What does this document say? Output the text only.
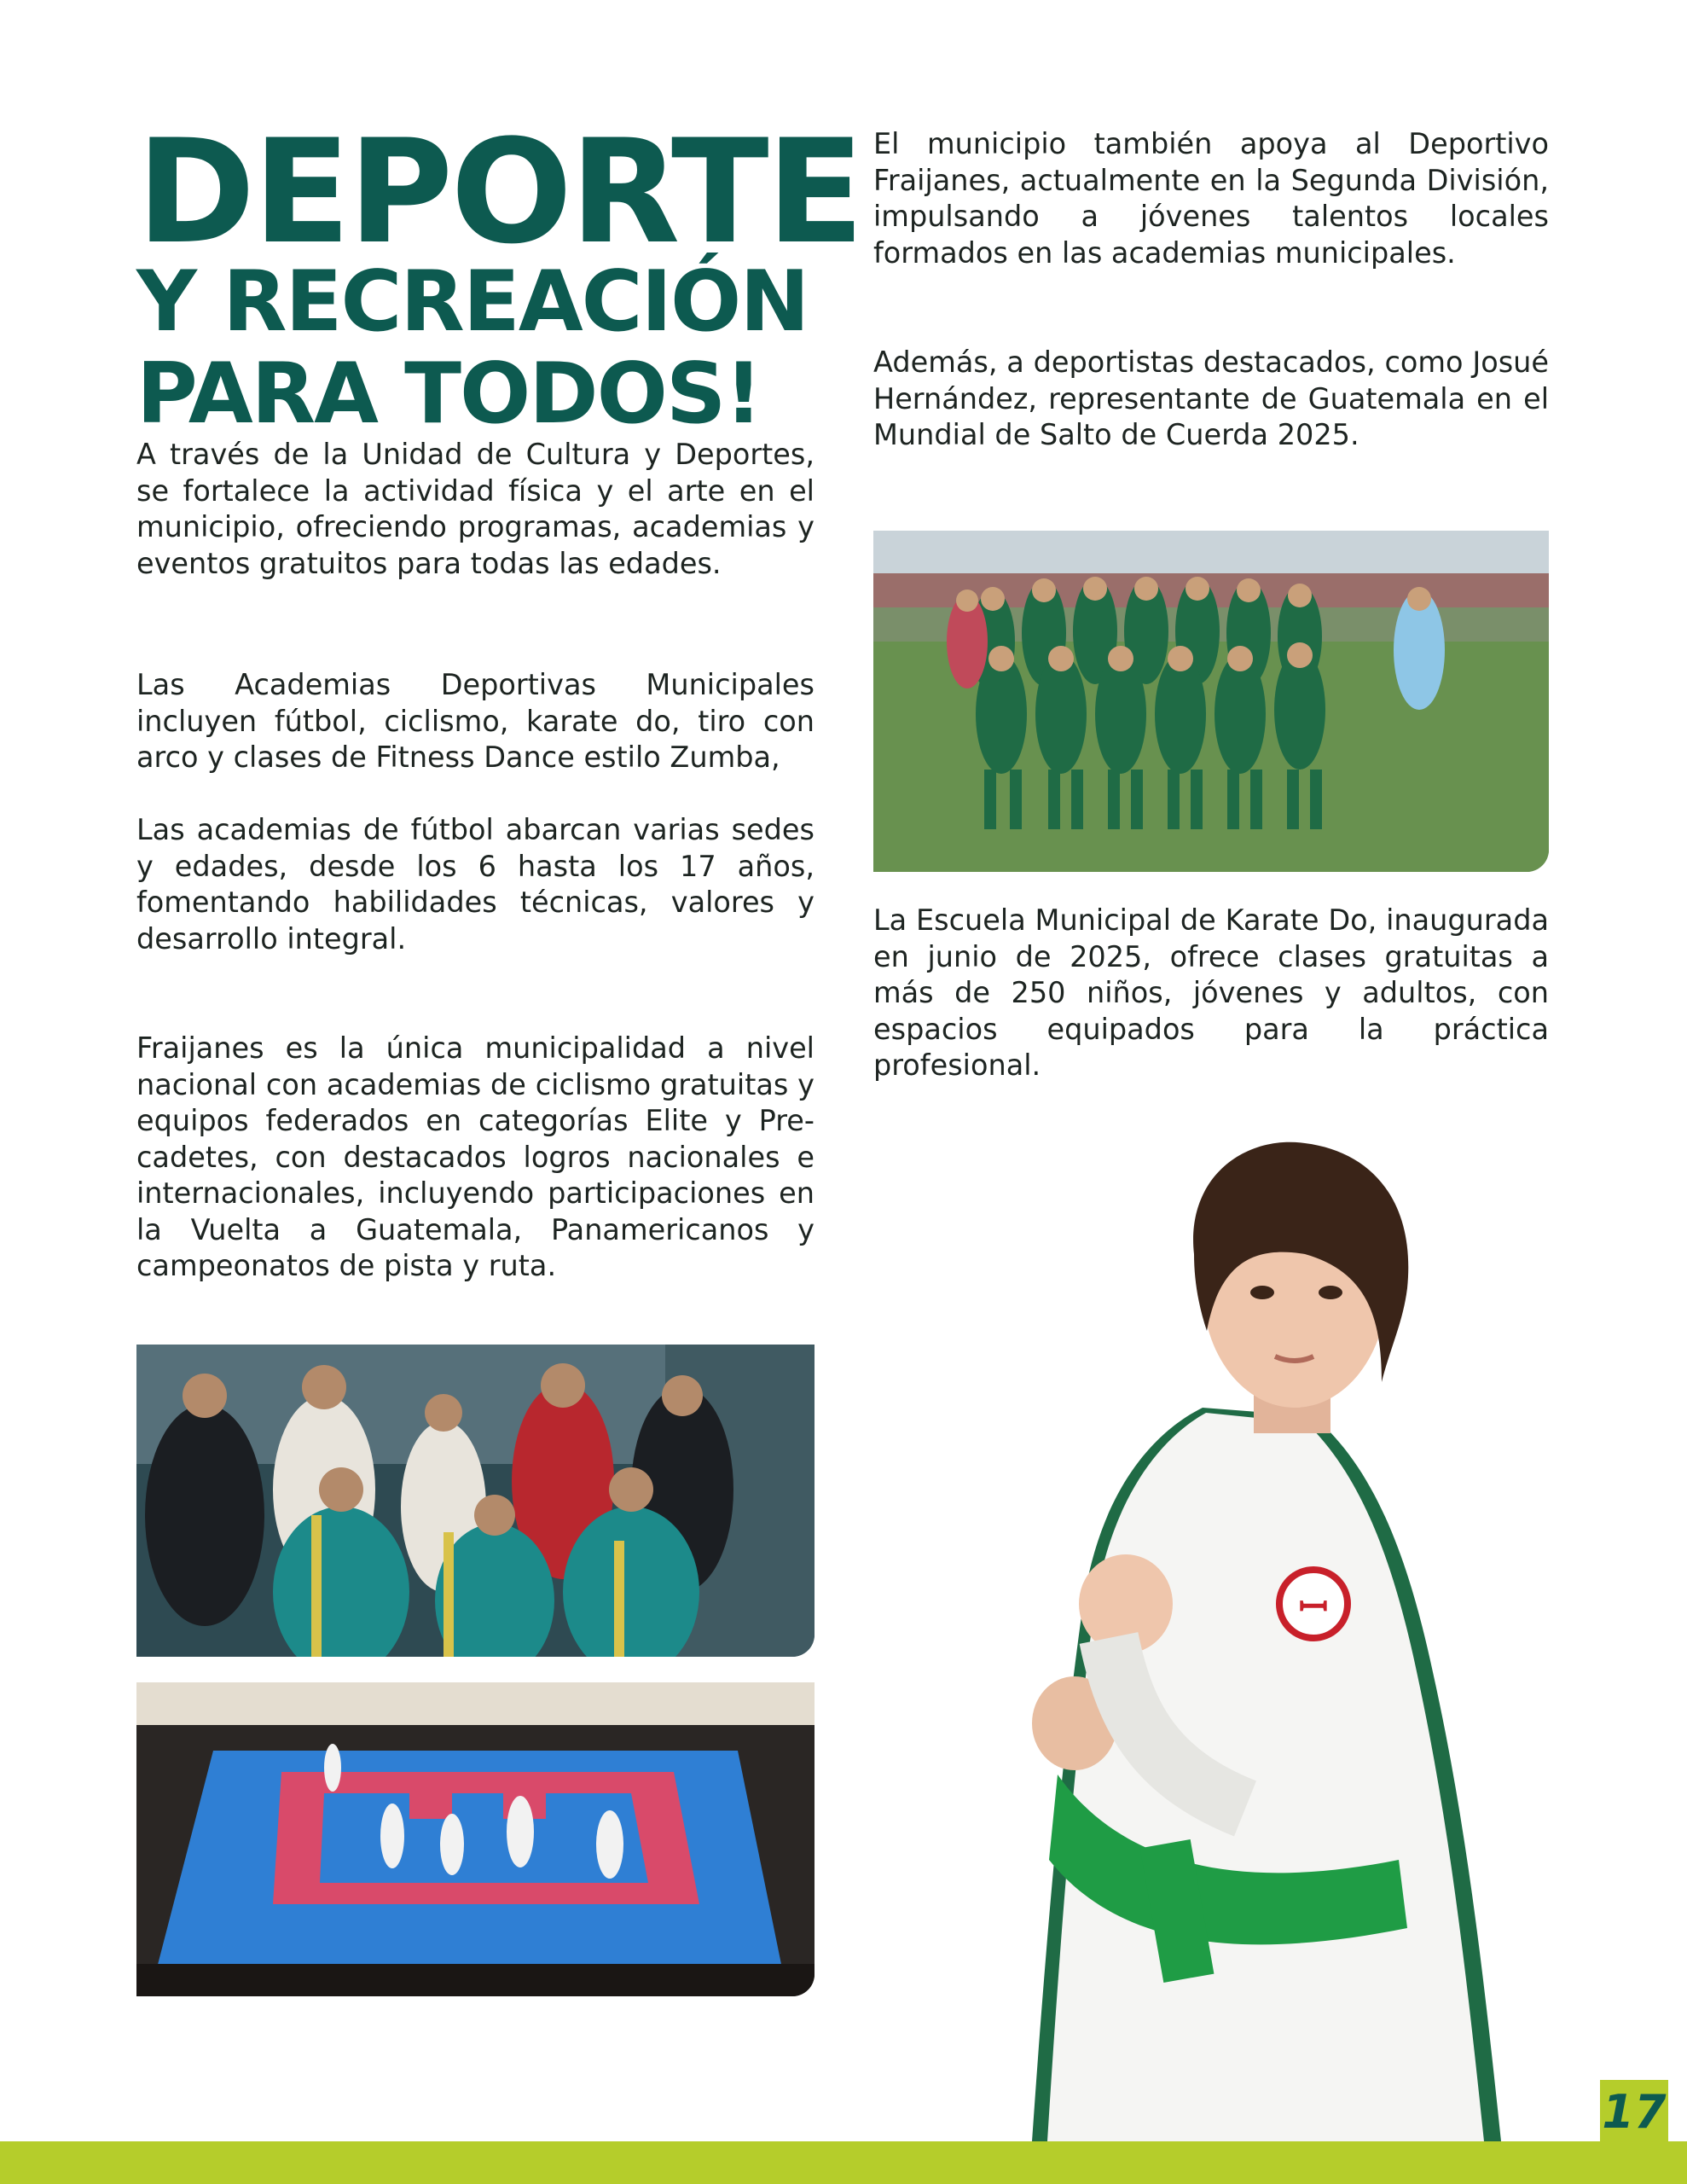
DEPORTE
Y RECREACIÓN
PARA TODOS!

A través de la Unidad de Cultura y Deportes, se fortalece la actividad física y el arte en el municipio, ofreciendo programas, academias y eventos gratuitos para todas las edades.

Las Academias Deportivas Municipales incluyen fútbol, ciclismo, karate do, tiro con arco y clases de Fitness Dance estilo Zumba,

Las academias de fútbol abarcan varias sedes y edades, desde los 6 hasta los 17 años, fomentando habilidades técnicas, valores y desarrollo integral.

Fraijanes es la única municipalidad a nivel nacional con academias de ciclismo gratuitas y equipos federados en categorías Elite y Pre-cadetes, con destacados logros nacionales e internacionales, incluyendo participaciones en la Vuelta a Guatemala, Panamericanos y campeonatos de pista y ruta.

El municipio también apoya al Deportivo Fraijanes, actualmente en la Segunda División, impulsando a jóvenes talentos locales formados en las academias municipales.

Además, a deportistas destacados, como Josué Hernández, representante de Guatemala en el Mundial de Salto de Cuerda 2025.

La Escuela Municipal de Karate Do, inaugurada en junio de 2025, ofrece clases gratuitas a más de 250 niños, jóvenes y adultos, con espacios equipados para la práctica profesional.

ꟷ
17
